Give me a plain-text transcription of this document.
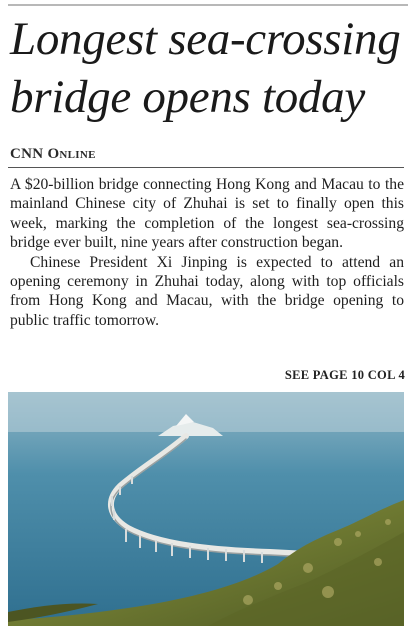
Longest sea-crossing bridge opens today
CNN Online

A $20-billion bridge connecting Hong Kong and Macau to the mainland Chinese city of Zhuhai is set to finally open this week, marking the completion of the longest sea-crossing bridge ever built, nine years after construction began.

Chinese President Xi Jinping is expected to attend an opening ceremony in Zhuhai today, along with top officials from Hong Kong and Macau, with the bridge opening to public traffic tomorrow.

SEE PAGE 10 COL 4
